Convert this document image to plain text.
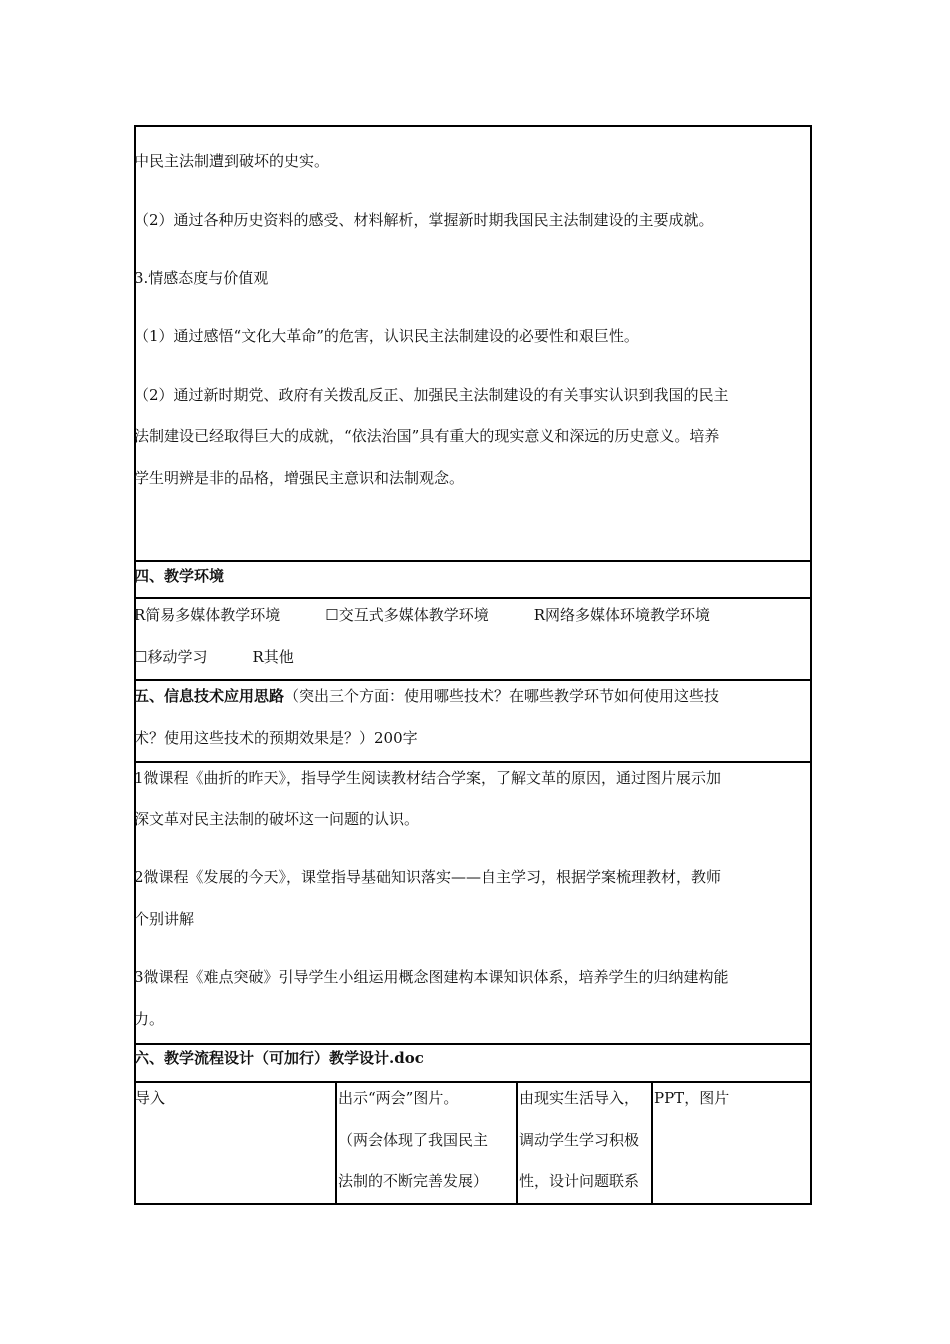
中民主法制遭到破坏的史实。
（2）通过各种历史资料的感受、材料解析，掌握新时期我国民主法制建设的主要成就。
3.情感态度与价值观
（1）通过感悟“文化大革命”的危害，认识民主法制建设的必要性和艰巨性。
（2）通过新时期党、政府有关拨乱反正、加强民主法制建设的有关事实认识到我国的民主
法制建设已经取得巨大的成就，“依法治国”具有重大的现实意义和深远的历史意义。培养
学生明辨是非的品格，增强民主意识和法制观念。
四、教学环境
R简易多媒体教学环境　　　☐交互式多媒体教学环境　　　R网络多媒体环境教学环境
☐移动学习　　　R其他
五、信息技术应用思路（突出三个方面：使用哪些技术？在哪些教学环节如何使用这些技
术？使用这些技术的预期效果是？）200字
1微课程《曲折的昨天》，指导学生阅读教材结合学案，了解文革的原因，通过图片展示加
深文革对民主法制的破坏这一问题的认识。
2微课程《发展的今天》，课堂指导基础知识落实——自主学习，根据学案梳理教材，教师
个别讲解
3微课程《难点突破》引导学生小组运用概念图建构本课知识体系，培养学生的归纳建构能
力。
六、教学流程设计（可加行）教学设计.doc
导入	出示“两会”图片。
（两会体现了我国民主
法制的不断完善发展）
由现实生活导入，
调动学生学习积极
性，设计问题联系
PPT，图片
